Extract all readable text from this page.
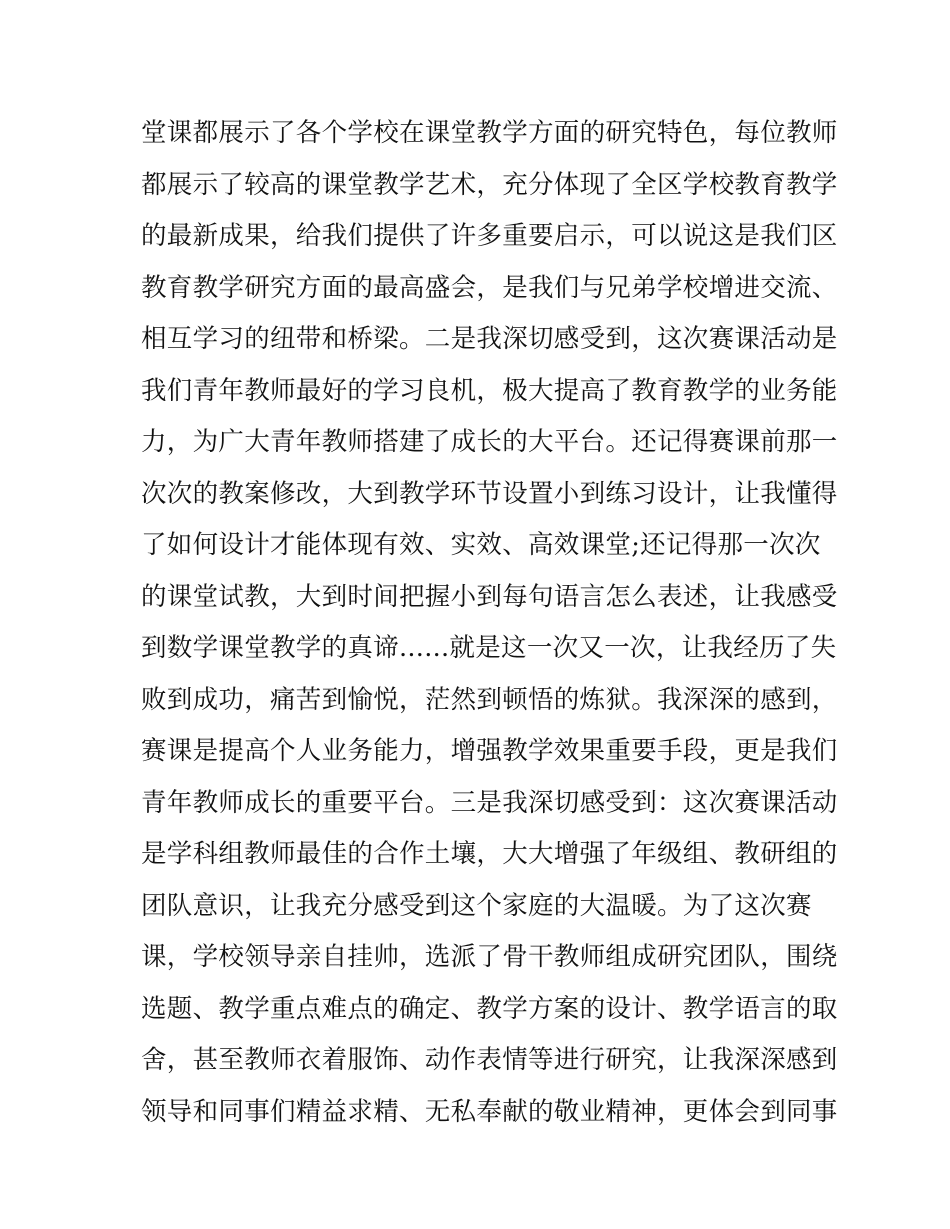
堂课都展示了各个学校在课堂教学方面的研究特色，每位教师
都展示了较高的课堂教学艺术，充分体现了全区学校教育教学
的最新成果，给我们提供了许多重要启示，可以说这是我们区
教育教学研究方面的最高盛会，是我们与兄弟学校增进交流、
相互学习的纽带和桥梁。二是我深切感受到，这次赛课活动是
我们青年教师最好的学习良机，极大提高了教育教学的业务能
力，为广大青年教师搭建了成长的大平台。还记得赛课前那一
次次的教案修改，大到教学环节设置小到练习设计，让我懂得
了如何设计才能体现有效、实效、高效课堂;还记得那一次次
的课堂试教，大到时间把握小到每句语言怎么表述，让我感受
到数学课堂教学的真谛......就是这一次又一次，让我经历了失
败到成功，痛苦到愉悦，茫然到顿悟的炼狱。我深深的感到，
赛课是提高个人业务能力，增强教学效果重要手段，更是我们
青年教师成长的重要平台。三是我深切感受到：这次赛课活动
是学科组教师最佳的合作土壤，大大增强了年级组、教研组的
团队意识，让我充分感受到这个家庭的大温暖。为了这次赛
课，学校领导亲自挂帅，选派了骨干教师组成研究团队，围绕
选题、教学重点难点的确定、教学方案的设计、教学语言的取
舍，甚至教师衣着服饰、动作表情等进行研究，让我深深感到
领导和同事们精益求精、无私奉献的敬业精神，更体会到同事
